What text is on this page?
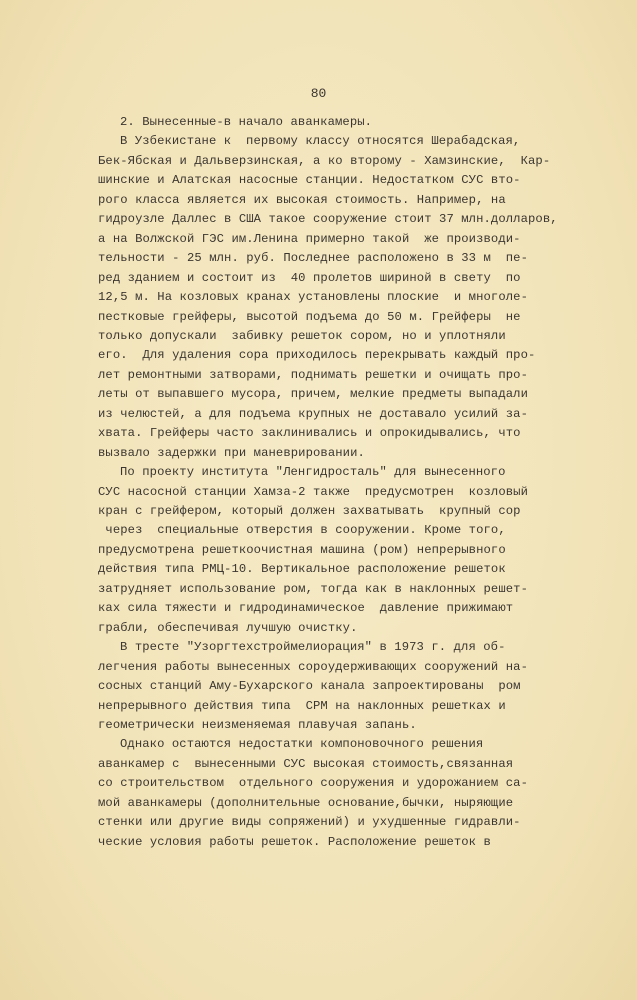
80
2. Вынесенные-в начало аванкамеры.
В Узбекистане к  первому классу относятся Шерабадская,
Бек-Ябская и Дальверзинская, а ко второму - Хамзинские,  Кар-
шинские и Алатская насосные станции. Недостатком СУС вто-
рого класса является их высокая стоимость. Например, на
гидроузле Даллес в США такое сооружение стоит 37 млн.долларов,
а на Волжской ГЭС им.Ленина примерно такой  же производи-
тельности - 25 млн. руб. Последнее расположено в 33 м  пе-
ред зданием и состоит из  40 пролетов шириной в свету  по
12,5 м. На козловых кранах установлены плоские  и многоле-
пестковые грейферы, высотой подъема до 50 м. Грейферы  не
только допускали  забивку решеток сором, но и уплотняли
его.  Для удаления сора приходилось перекрывать каждый про-
лет ремонтными затворами, поднимать решетки и очищать про-
леты от выпавшего мусора, причем, мелкие предметы выпадали
из челюстей, а для подъема крупных не доставало усилий за-
хвата. Грейферы часто заклинивались и опрокидывались, что
вызвало задержки при маневрировании.
По проекту института "Ленгидросталь" для вынесенного
СУС насосной станции Хамза-2 также  предусмотрен  козловый
кран с грейфером, который должен захватывать  крупный сор
через  специальные отверстия в сооружении. Кроме того,
предусмотрена решеткоочистная машина (ром) непрерывного
действия типа РМЦ-10. Вертикальное расположение решеток
затрудняет использование ром, тогда как в наклонных решет-
ках сила тяжести и гидродинамическое  давление прижимают
грабли, обеспечивая лучшую очистку.
В тресте "Узоргтехстроймелиорация" в 1973 г. для об-
легчения работы вынесенных сороудерживающих сооружений на-
сосных станций Аму-Бухарского канала запроектированы  ром
непрерывного действия типа  СРМ на наклонных решетках и
геометрически неизменяемая плавучая запань.
Однако остаются недостатки компоновочного решения
аванкамер с  вынесенными СУС высокая стоимость,связанная
со строительством  отдельного сооружения и удорожанием са-
мой аванкамеры (дополнительные основание,бычки, ныряющие
стенки или другие виды сопряжений) и ухудшенные гидравли-
ческие условия работы решеток. Расположение решеток в
